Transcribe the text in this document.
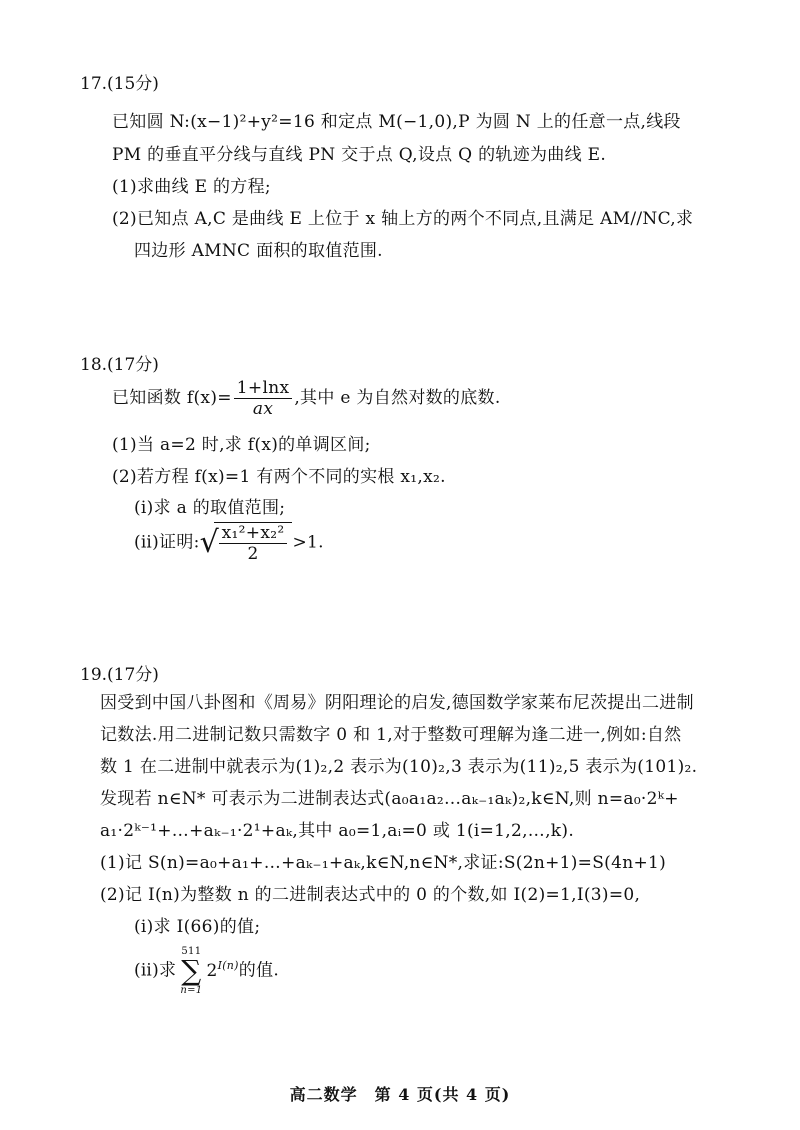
17.(15分)
已知圆 N:(x−1)²+y²=16 和定点 M(−1,0),P 为圆 N 上的任意一点,线段
PM 的垂直平分线与直线 PN 交于点 Q,设点 Q 的轨迹为曲线 E.
(1)求曲线 E 的方程;
(2)已知点 A,C 是曲线 E 上位于 x 轴上方的两个不同点,且满足 AM//NC,求
四边形 AMNC 面积的取值范围.
18.(17分)
已知函数 $f(x)= \frac{1+\ln x}{ax}$ ,其中 e 为自然对数的底数.
(1)当 a=2 时,求 f(x)的单调区间;
(2)若方程 f(x)=1 有两个不同的实根 x₁,x₂.
(ⅰ)求 a 的取值范围;
(ⅱ)证明: √ $\frac{\text{x₁²+x₂²}}{2} >1$.
19.(17分)
因受到中国八卦图和《周易》阴阳理论的启发,德国数学家莱布尼茨提出二进制
记数法.用二进制记数只需数字 0 和 1,对于整数可理解为逢二进一,例如:自然
数 1 在二进制中就表示为(1)₂,2 表示为(10)₂,3 表示为(11)₂,5 表示为(101)₂.
发现若 n∈N* 可表示为二进制表达式(a₀a₁a₂…aₖ₋₁aₖ)₂,k∈N,则 n=a₀·2ᵏ+
a₁·2ᵏ⁻¹+…+aₖ₋₁·2¹+aₖ,其中 a₀=1,aᵢ=0 或 1(i=1,2,…,k).
(1)记 S(n)=a₀+a₁+…+aₖ₋₁+aₖ,k∈N,n∈N*,求证:S(2n+1)=S(4n+1)
(2)记 I(n)为整数 n 的二进制表达式中的 0 的个数,如 I(2)=1,I(3)=0,
(ⅰ)求 I(66)的值;
(ⅱ)求
511
∑
n=1
$2^{I(n)}$的值.
高二数学　第 4 页(共 4 页)
